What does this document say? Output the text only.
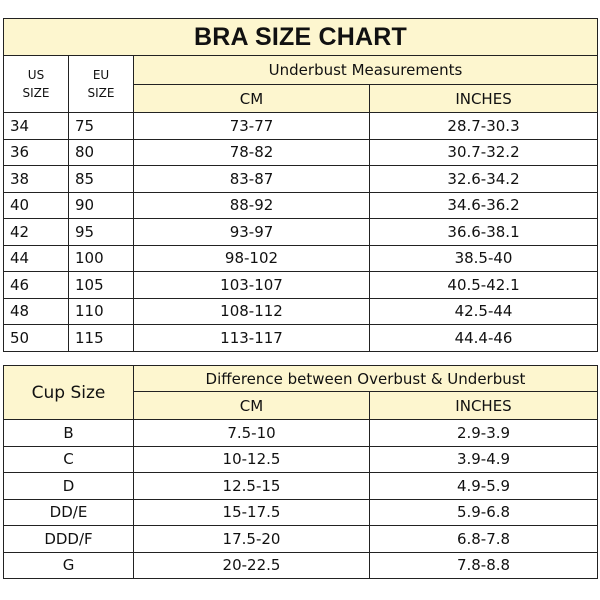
BRA SIZE CHART			
US
SIZE	EU
SIZE	Underbust Measurements	
		CM	INCHES
34	75	73-77	28.7-30.3
36	80	78-82	30.7-32.2
38	85	83-87	32.6-34.2
40	90	88-92	34.6-36.2
42	95	93-97	36.6-38.1
44	100	98-102	38.5-40
46	105	103-107	40.5-42.1
48	110	108-112	42.5-44
50	115	113-117	44.4-46
Cup Size	Difference between Overbust & Underbust	
	CM	INCHES
B	7.5-10	2.9-3.9
C	10-12.5	3.9-4.9
D	12.5-15	4.9-5.9
DD/E	15-17.5	5.9-6.8
DDD/F	17.5-20	6.8-7.8
G	20-22.5	7.8-8.8
